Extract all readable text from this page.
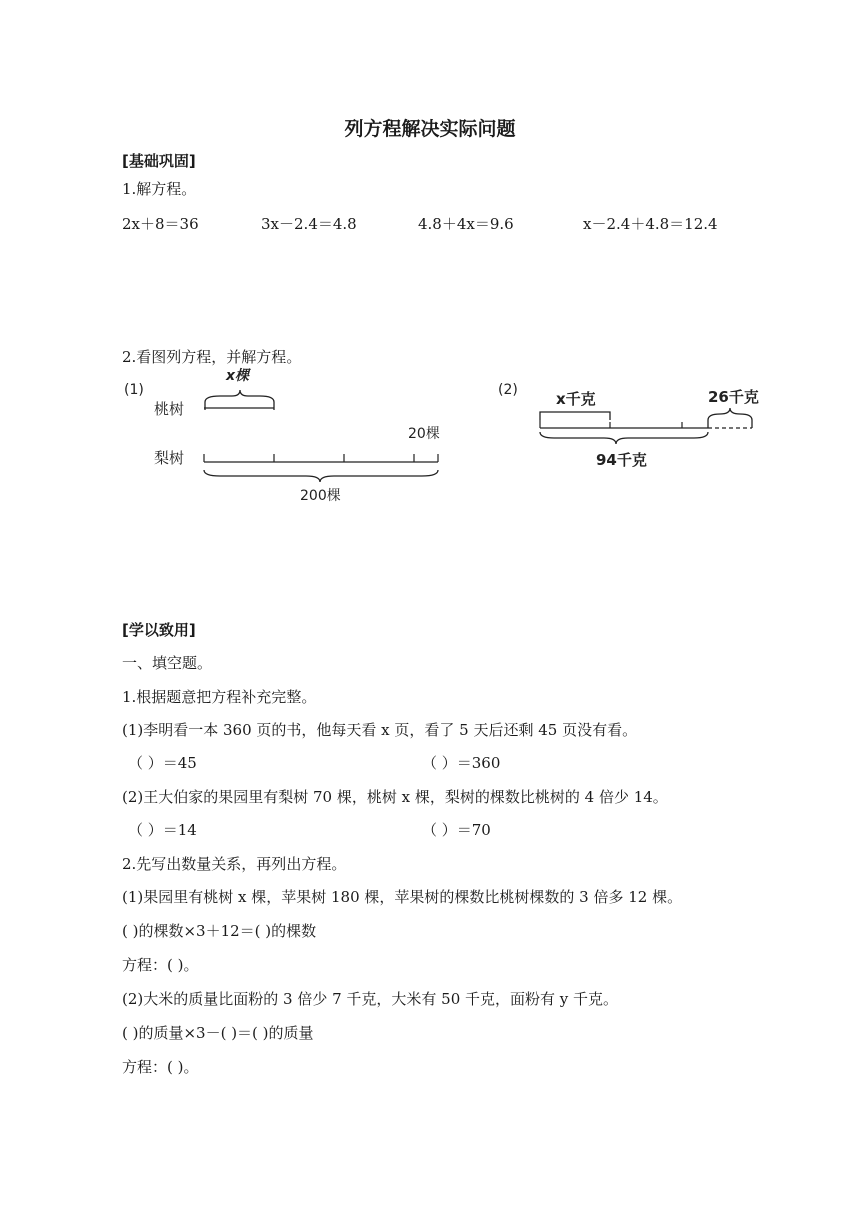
列方程解决实际问题
[基础巩固]
1.解方程。
2x＋8＝36	3x－2.4＝4.8	4.8＋4x＝9.6	x－2.4＋4.8＝12.4
2.看图列方程，并解方程。
(1)
x棵
桃树
20棵
梨树
200棵
(2)	x千克	26千克
94千克
[学以致用]
一、填空题。
1.根据题意把方程补充完整。
(1)李明看一本 360 页的书，他每天看 x 页，看了 5 天后还剩 45 页没有看。
（ ）＝45	（ ）＝360
(2)王大伯家的果园里有梨树 70 棵，桃树 x 棵，梨树的棵数比桃树的 4 倍少 14。
（ ）＝14	（ ）＝70
2.先写出数量关系，再列出方程。
(1)果园里有桃树 x 棵，苹果树 180 棵，苹果树的棵数比桃树棵数的 3 倍多 12 棵。
( )的棵数×3＋12＝( )的棵数
方程：( )。
(2)大米的质量比面粉的 3 倍少 7 千克，大米有 50 千克，面粉有 y 千克。
( )的质量×3－( )＝( )的质量
方程：( )。
